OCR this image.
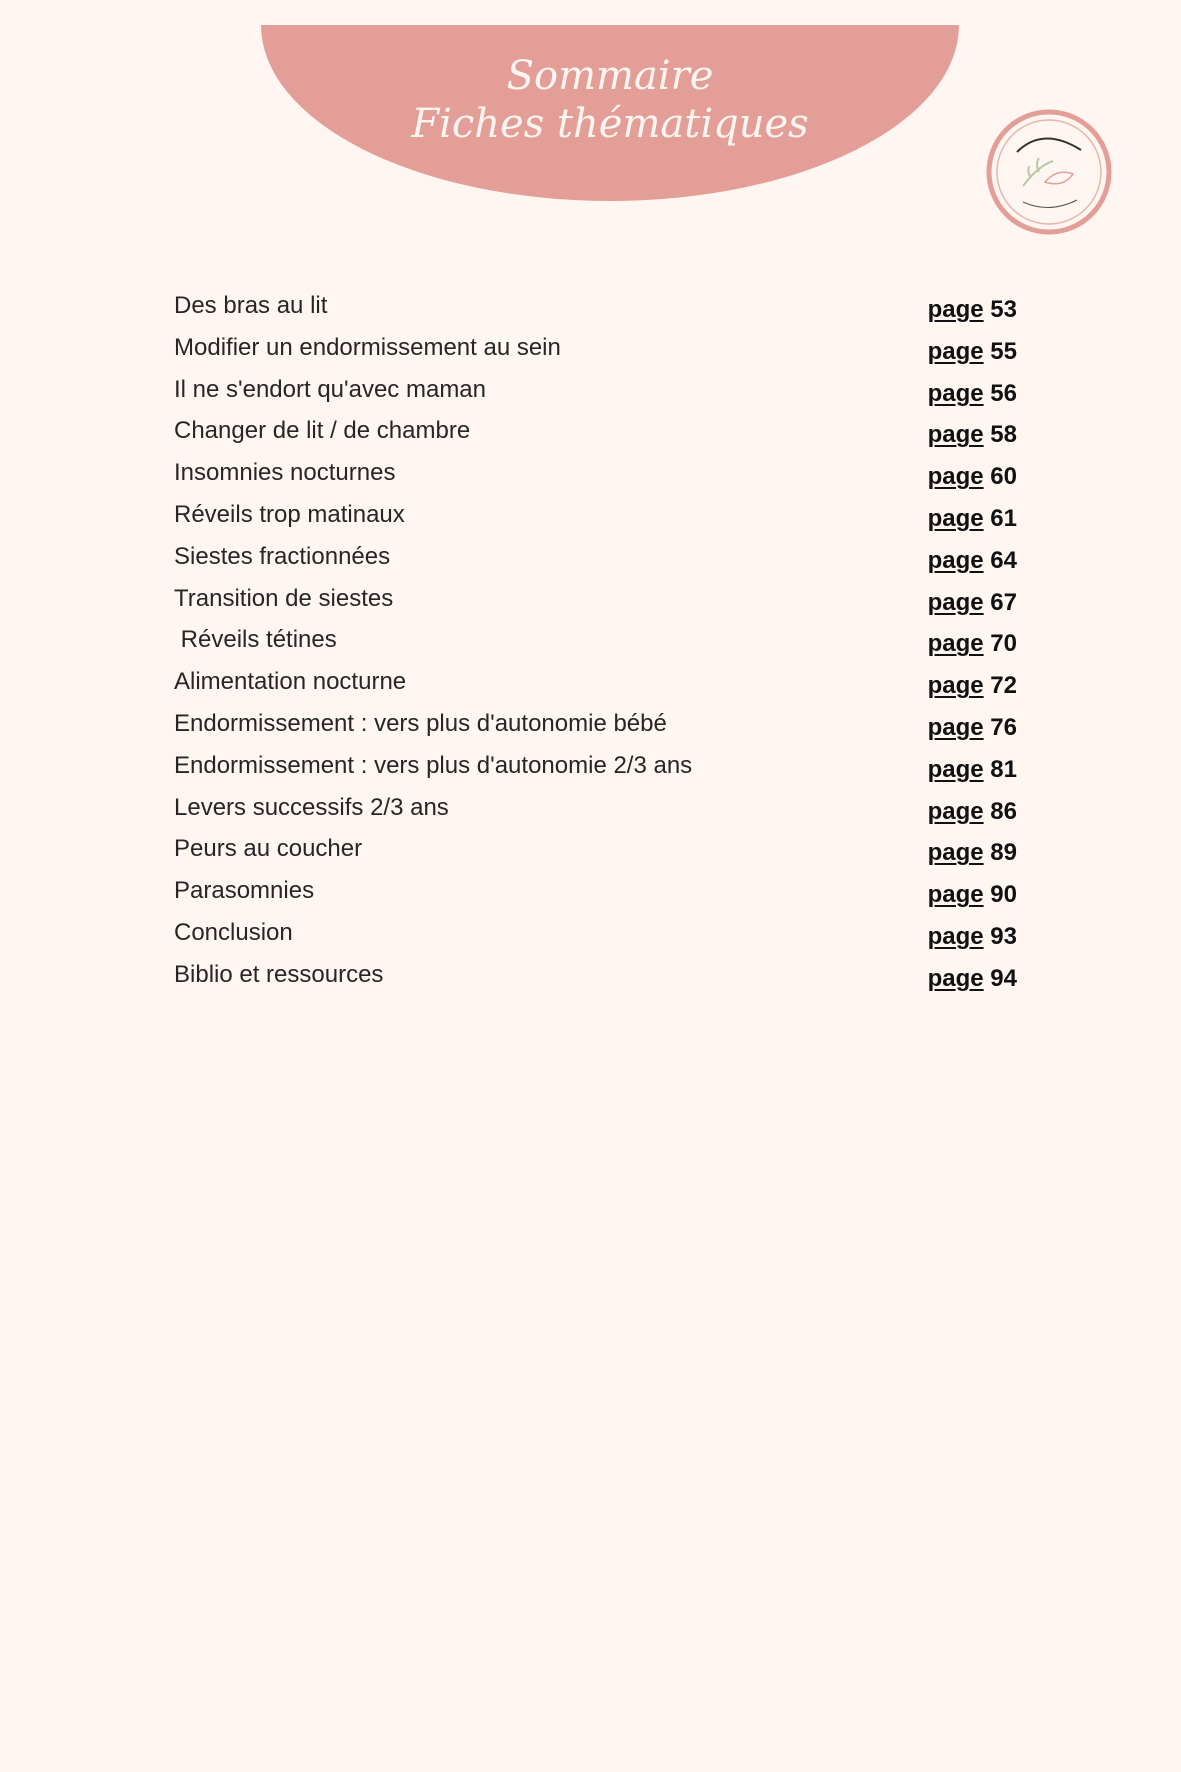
Sommaire
Fiches thématiques
Des bras au lit	page 53
Modifier un endormissement au sein	page 55
Il ne s'endort qu'avec maman	page 56
Changer de lit / de chambre	page 58
Insomnies nocturnes	page 60
Réveils trop matinaux	page 61
Siestes fractionnées	page 64
Transition de siestes	page 67
Réveils tétines	page 70
Alimentation nocturne	page 72
Endormissement : vers plus d'autonomie bébé	page 76
Endormissement : vers plus d'autonomie 2/3 ans	page 81
Levers successifs 2/3 ans	page 86
Peurs au coucher	page 89
Parasomnies	page 90
Conclusion	page 93
Biblio et ressources	page 94
